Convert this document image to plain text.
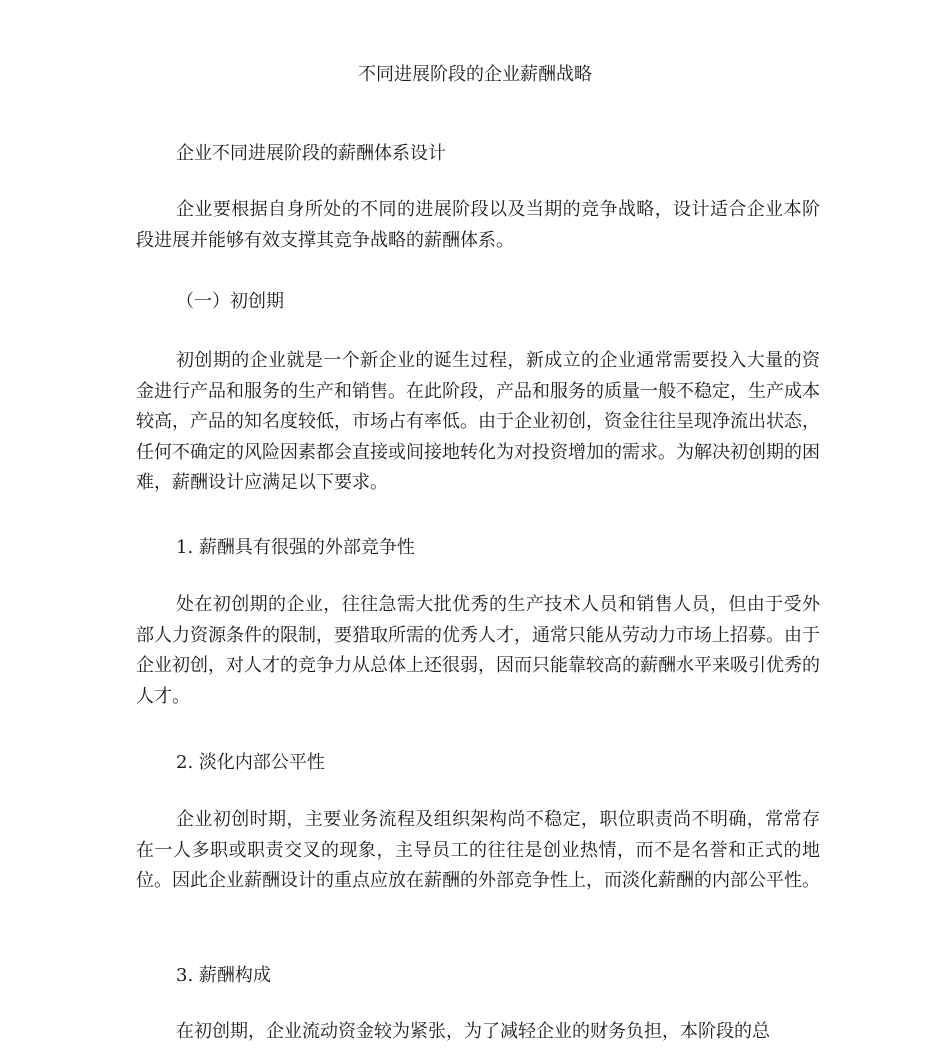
不同进展阶段的企业薪酬战略
企业不同进展阶段的薪酬体系设计

企业要根据自身所处的不同的进展阶段以及当期的竞争战略，设计适合企业本阶段进展并能够有效支撑其竞争战略的薪酬体系。

（一）初创期

初创期的企业就是一个新企业的诞生过程，新成立的企业通常需要投入大量的资金进行产品和服务的生产和销售。在此阶段，产品和服务的质量一般不稳定，生产成本较高，产品的知名度较低，市场占有率低。由于企业初创，资金往往呈现净流出状态，任何不确定的风险因素都会直接或间接地转化为对投资增加的需求。为解决初创期的困难，薪酬设计应满足以下要求。

1. 薪酬具有很强的外部竞争性

处在初创期的企业，往往急需大批优秀的生产技术人员和销售人员，但由于受外部人力资源条件的限制，要猎取所需的优秀人才，通常只能从劳动力市场上招募。由于企业初创，对人才的竞争力从总体上还很弱，因而只能靠较高的薪酬水平来吸引优秀的人才。

2. 淡化内部公平性

企业初创时期，主要业务流程及组织架构尚不稳定，职位职责尚不明确，常常存在一人多职或职责交叉的现象，主导员工的往往是创业热情，而不是名誉和正式的地位。因此企业薪酬设计的重点应放在薪酬的外部竞争性上，而淡化薪酬的内部公平性。

3. 薪酬构成

在初创期，企业流动资金较为紧张，为了减轻企业的财务负担，本阶段的总
